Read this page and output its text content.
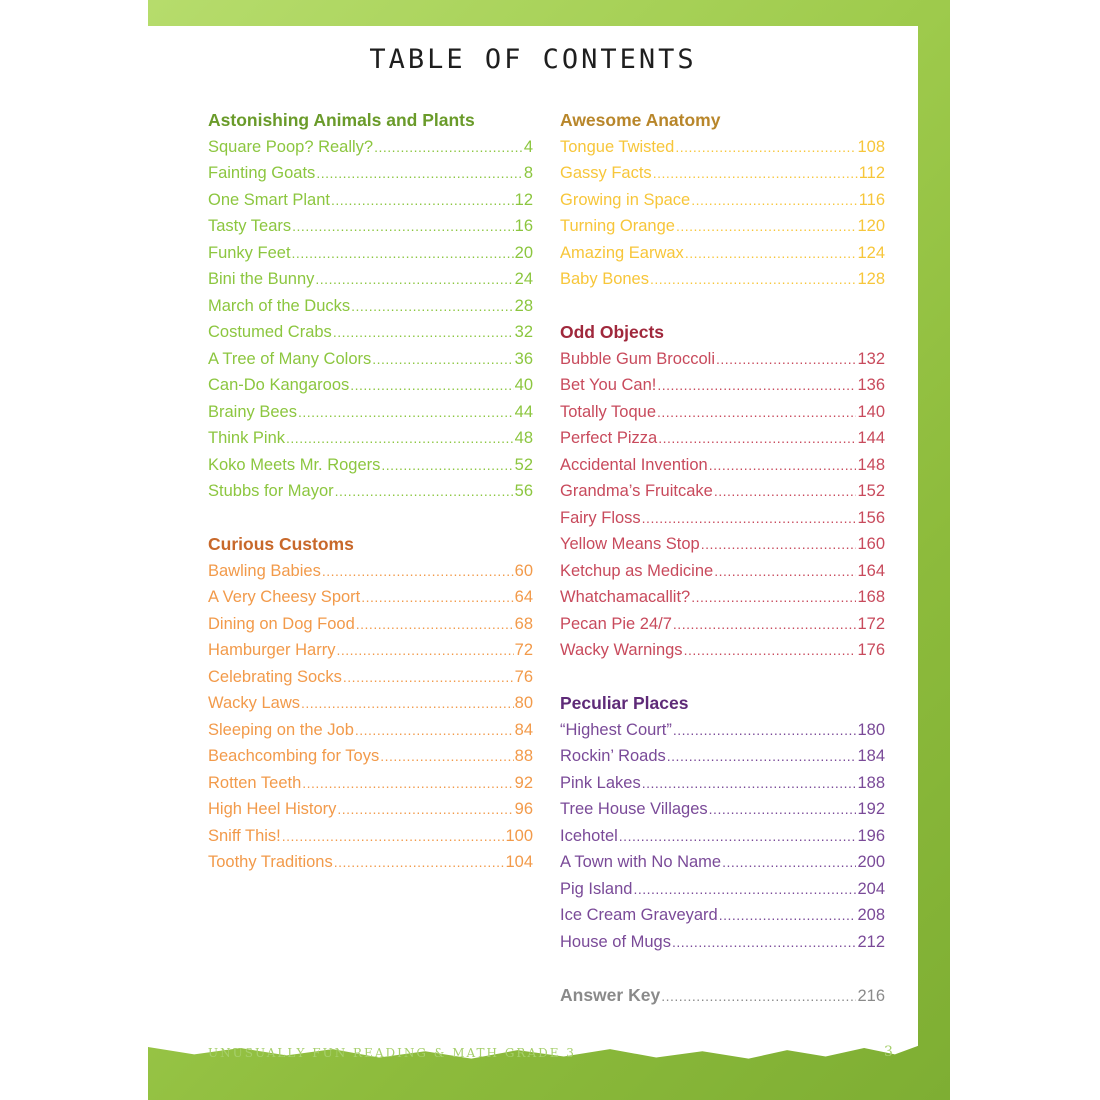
TABLE OF CONTENTS
Astonishing Animals and Plants
Square Poop? Really? .....	4
Fainting Goats .....	8
One Smart Plant .....	12
Tasty Tears .....	16
Funky Feet .....	20
Bini the Bunny .....	24
March of the Ducks .....	28
Costumed Crabs .....	32
A Tree of Many Colors .....	36
Can-Do Kangaroos .....	40
Brainy Bees .....	44
Think Pink .....	48
Koko Meets Mr. Rogers .....	52
Stubbs for Mayor .....	56
Curious Customs
Bawling Babies .....	60
A Very Cheesy Sport .....	64
Dining on Dog Food .....	68
Hamburger Harry .....	72
Celebrating Socks .....	76
Wacky Laws .....	80
Sleeping on the Job .....	84
Beachcombing for Toys .....	88
Rotten Teeth .....	92
High Heel History .....	96
Sniff This! .....	100
Toothy Traditions .....	104
Awesome Anatomy
Tongue Twisted .....	108
Gassy Facts .....	112
Growing in Space .....	116
Turning Orange .....	120
Amazing Earwax .....	124
Baby Bones .....	128
Odd Objects
Bubble Gum Broccoli .....	132
Bet You Can! .....	136
Totally Toque .....	140
Perfect Pizza .....	144
Accidental Invention .....	148
Grandma’s Fruitcake .....	152
Fairy Floss .....	156
Yellow Means Stop .....	160
Ketchup as Medicine .....	164
Whatchamacallit? .....	168
Pecan Pie 24/7 .....	172
Wacky Warnings .....	176
Peculiar Places
“Highest Court” .....	180
Rockin’ Roads .....	184
Pink Lakes .....	188
Tree House Villages .....	192
Icehotel .....	196
A Town with No Name .....	200
Pig Island .....	204
Ice Cream Graveyard .....	208
House of Mugs .....	212
Answer Key .....	216
UNUSUALLY FUN READING & MATH GRADE 3	3
